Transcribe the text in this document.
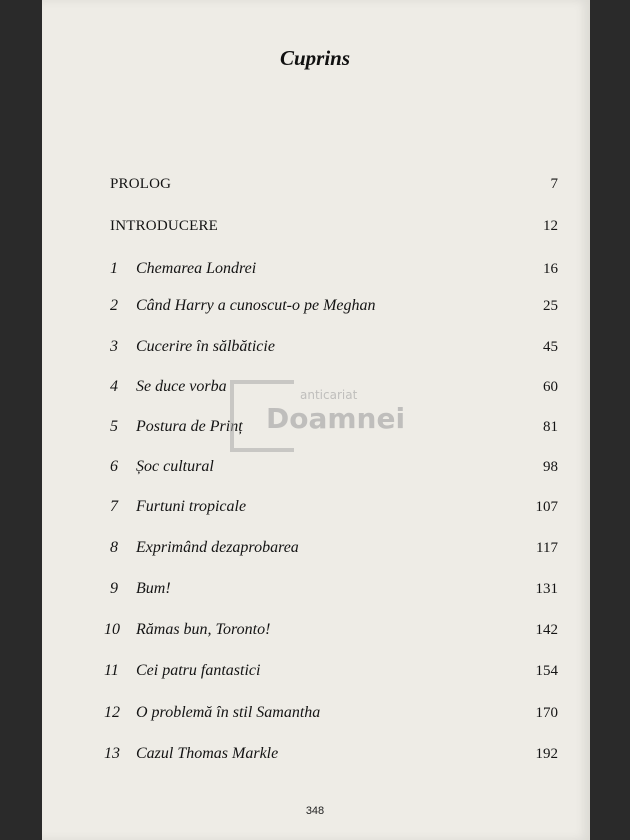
Cuprins
PROLOG	7
INTRODUCERE	12
1	Chemarea Londrei	16
2	Când Harry a cunoscut-o pe Meghan	25
3	Cucerire în sălbăticie	45
4	Se duce vorba	60
5	Postura de Prinț	81
6	Șoc cultural	98
7	Furtuni tropicale	107
8	Exprimând dezaprobarea	117
9	Bum!	131
10	Rămas bun, Toronto!	142
11	Cei patru fantastici	154
12	O problemă în stil Samantha	170
13	Cazul Thomas Markle	192
anticariat
Doamnei
348
